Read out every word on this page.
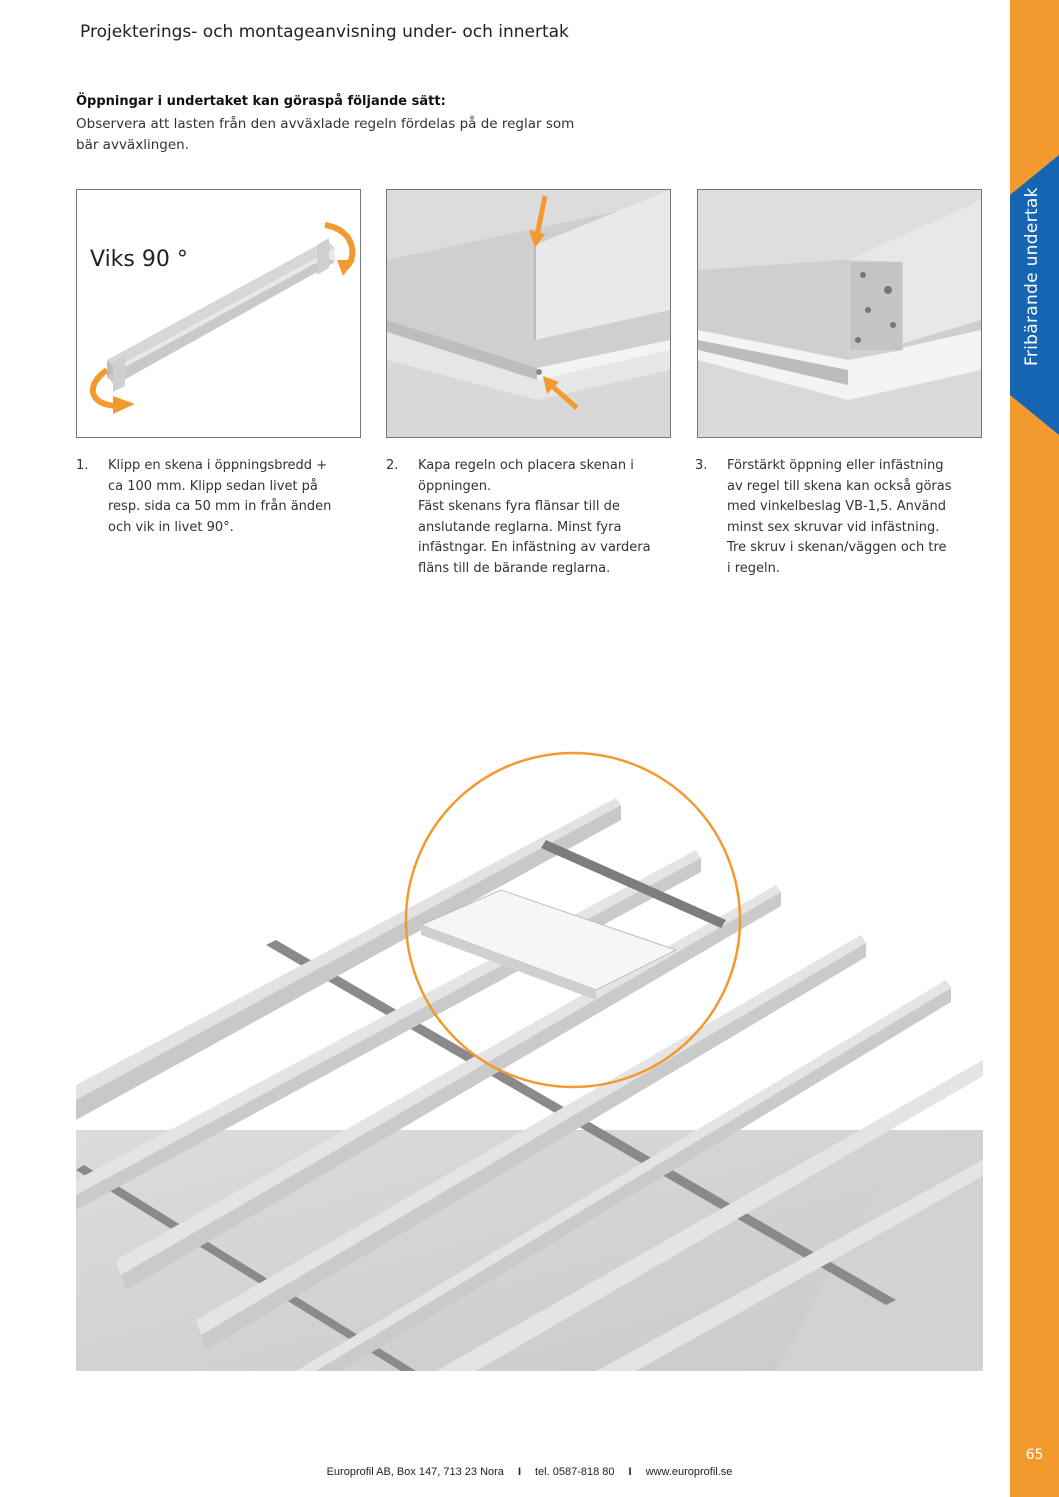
Fribärande undertak
65
Projekterings- och montageanvisning under- och innertak
Öppningar i undertaket kan göraspå följande sätt:
Observera att lasten från den avväxlade regeln fördelas på de reglar som bär avväxlingen.
Viks 90 °
1. Klipp en skena i öppningsbredd +
ca 100 mm. Klipp sedan livet på
resp. sida ca 50 mm in från änden
och vik in livet 90°.
2. Kapa regeln och placera skenan i
öppningen.
Fäst skenans fyra flänsar till de
anslutande reglarna. Minst fyra
infästngar. En infästning av vardera
fläns till de bärande reglarna.
3. Förstärkt öppning eller infästning
av regel till skena kan också göras
med vinkelbeslag VB-1,5. Använd
minst sex skruvar vid infästning.
Tre skruv i skenan/väggen och tre
i regeln.
Europrofil AB, Box 147, 713 23 Nora I tel. 0587-818 80 I www.europrofil.se
